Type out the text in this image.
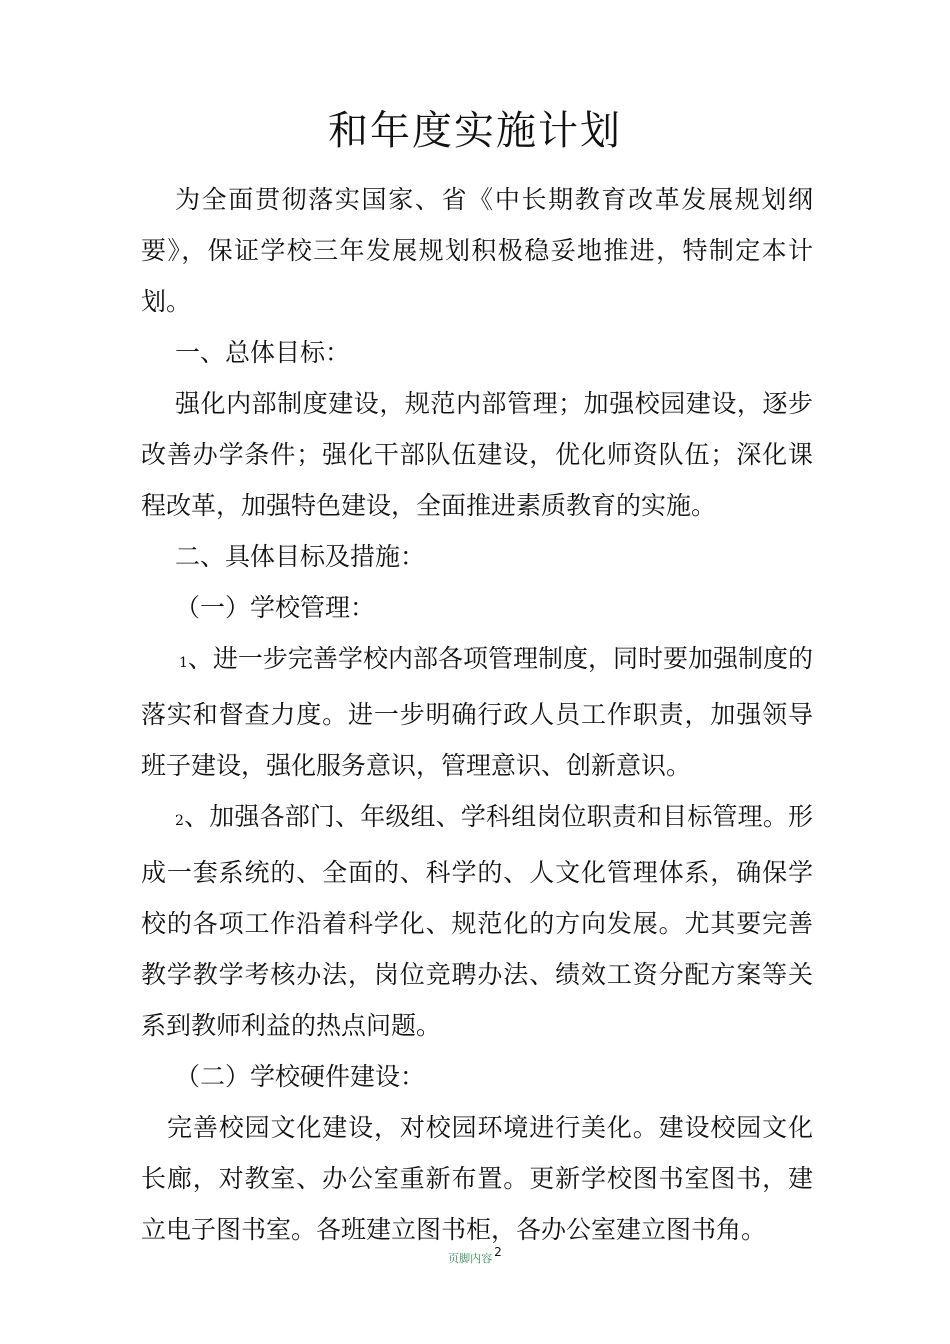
和年度实施计划

为全面贯彻落实国家、省《中长期教育改革发展规划纲要》，保证学校三年发展规划积极稳妥地推进，特制定本计划。

一、总体目标：

强化内部制度建设，规范内部管理；加强校园建设，逐步改善办学条件；强化干部队伍建设，优化师资队伍；深化课程改革，加强特色建设，全面推进素质教育的实施。

二、具体目标及措施：

（一）学校管理：

1、进一步完善学校内部各项管理制度，同时要加强制度的落实和督查力度。进一步明确行政人员工作职责，加强领导班子建设，强化服务意识，管理意识、创新意识。

2、加强各部门、年级组、学科组岗位职责和目标管理。形成一套系统的、全面的、科学的、人文化管理体系，确保学校的各项工作沿着科学化、规范化的方向发展。尤其要完善教学教学考核办法，岗位竞聘办法、绩效工资分配方案等关系到教师利益的热点问题。

（二）学校硬件建设：

完善校园文化建设，对校园环境进行美化。建设校园文化长廊，对教室、办公室重新布置。更新学校图书室图书，建立电子图书室。各班建立图书柜，各办公室建立图书角。

页脚内容 2
